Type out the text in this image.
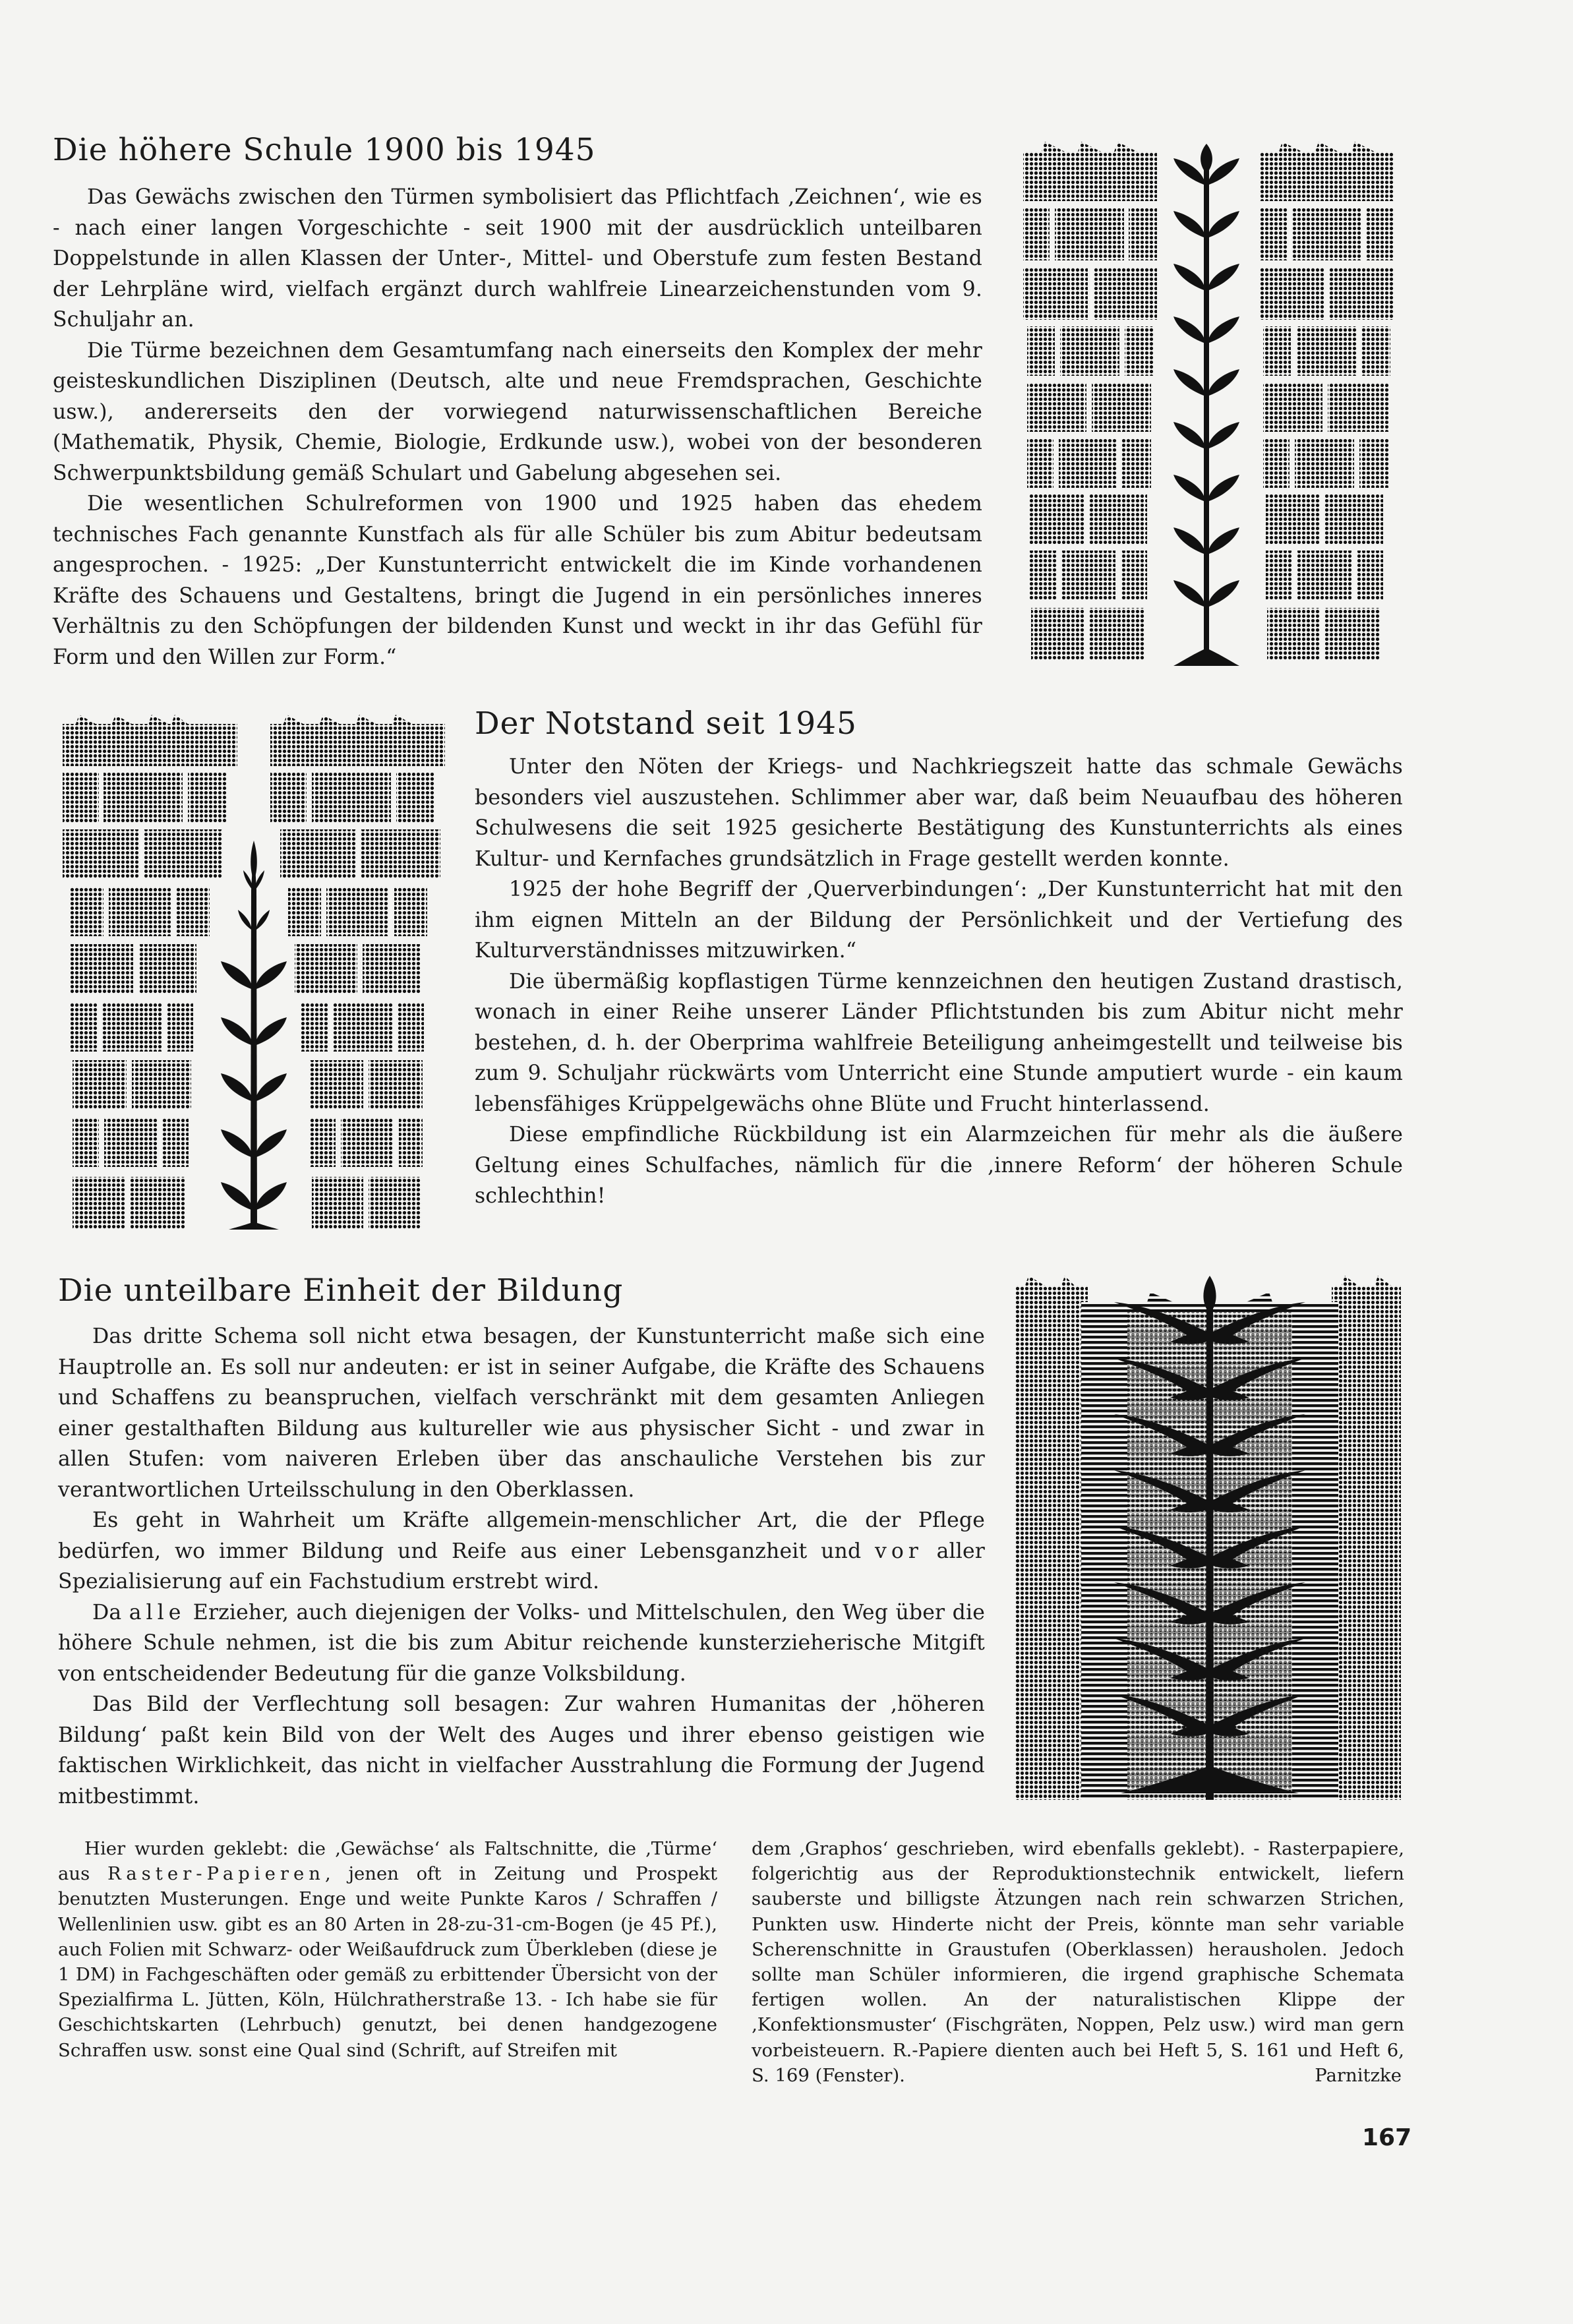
Die höhere Schule 1900 bis 1945

Das Gewächs zwischen den Türmen symbolisiert das Pflichtfach ‚Zeichnen‘, wie es - nach einer langen Vorgeschichte - seit 1900 mit der ausdrücklich unteilbaren Doppelstunde in allen Klassen der Unter-, Mittel- und Oberstufe zum festen Bestand der Lehrpläne wird, vielfach ergänzt durch wahlfreie Linearzeichenstunden vom 9. Schuljahr an.

Die Türme bezeichnen dem Gesamtumfang nach einerseits den Komplex der mehr geisteskundlichen Disziplinen (Deutsch, alte und neue Fremdsprachen, Geschichte usw.), andererseits den der vorwiegend naturwissenschaftlichen Bereiche (Mathematik, Physik, Chemie, Biologie, Erdkunde usw.), wobei von der besonderen Schwerpunktsbildung gemäß Schulart und Gabelung abgesehen sei.

Die wesentlichen Schulreformen von 1900 und 1925 haben das ehedem technisches Fach genannte Kunstfach als für alle Schüler bis zum Abitur bedeutsam angesprochen. - 1925: „Der Kunstunterricht entwickelt die im Kinde vorhandenen Kräfte des Schauens und Gestaltens, bringt die Jugend in ein persönliches inneres Verhältnis zu den Schöpfungen der bildenden Kunst und weckt in ihr das Gefühl für Form und den Willen zur Form.“

Der Notstand seit 1945

Unter den Nöten der Kriegs- und Nachkriegszeit hatte das schmale Gewächs besonders viel auszustehen. Schlimmer aber war, daß beim Neuaufbau des höheren Schulwesens die seit 1925 gesicherte Bestätigung des Kunstunterrichts als eines Kultur- und Kernfaches grundsätzlich in Frage gestellt werden konnte.

1925 der hohe Begriff der ‚Querverbindungen‘: „Der Kunstunterricht hat mit den ihm eignen Mitteln an der Bildung der Persönlichkeit und der Vertiefung des Kulturverständnisses mitzuwirken.“

Die übermäßig kopflastigen Türme kennzeichnen den heutigen Zustand drastisch, wonach in einer Reihe unserer Länder Pflichtstunden bis zum Abitur nicht mehr bestehen, d. h. der Oberprima wahlfreie Beteiligung anheimgestellt und teilweise bis zum 9. Schuljahr rückwärts vom Unterricht eine Stunde amputiert wurde - ein kaum lebensfähiges Krüppelgewächs ohne Blüte und Frucht hinterlassend.

Diese empfindliche Rückbildung ist ein Alarmzeichen für mehr als die äußere Geltung eines Schulfaches, nämlich für die ‚innere Reform‘ der höheren Schule schlechthin!

Die unteilbare Einheit der Bildung

Das dritte Schema soll nicht etwa besagen, der Kunstunterricht maße sich eine Hauptrolle an. Es soll nur andeuten: er ist in seiner Aufgabe, die Kräfte des Schauens und Schaffens zu beanspruchen, vielfach verschränkt mit dem gesamten Anliegen einer gestalthaften Bildung aus kultureller wie aus physischer Sicht - und zwar in allen Stufen: vom naiveren Erleben über das anschauliche Verstehen bis zur verantwortlichen Urteilsschulung in den Oberklassen.

Es geht in Wahrheit um Kräfte allgemein-menschlicher Art, die der Pflege bedürfen, wo immer Bildung und Reife aus einer Lebensganzheit und vor aller Spezialisierung auf ein Fachstudium erstrebt wird.

Da alle Erzieher, auch diejenigen der Volks- und Mittelschulen, den Weg über die höhere Schule nehmen, ist die bis zum Abitur reichende kunsterzieherische Mitgift von entscheidender Bedeutung für die ganze Volksbildung.

Das Bild der Verflechtung soll besagen: Zur wahren Humanitas der ‚höheren Bildung‘ paßt kein Bild von der Welt des Auges und ihrer ebenso geistigen wie faktischen Wirklichkeit, das nicht in vielfacher Ausstrahlung die Formung der Jugend mitbestimmt.

Hier wurden geklebt: die ‚Gewächse‘ als Faltschnitte, die ‚Türme‘ aus Raster-Papieren, jenen oft in Zeitung und Prospekt benutzten Musterungen. Enge und weite Punkte Karos / Schraffen / Wellenlinien usw. gibt es an 80 Arten in 28-zu-31-cm-Bogen (je 45 Pf.), auch Folien mit Schwarz- oder Weißaufdruck zum Überkleben (diese je 1 DM) in Fachgeschäften oder gemäß zu erbittender Übersicht von der Spezialfirma L. Jütten, Köln, Hülchratherstraße 13. - Ich habe sie für Geschichtskarten (Lehrbuch) genutzt, bei denen handgezogene Schraffen usw. sonst eine Qual sind (Schrift, auf Streifen mit

dem ‚Graphos‘ geschrieben, wird ebenfalls geklebt). - Rasterpapiere, folgerichtig aus der Reproduktionstechnik entwickelt, liefern sauberste und billigste Ätzungen nach rein schwarzen Strichen, Punkten usw. Hinderte nicht der Preis, könnte man sehr variable Scherenschnitte in Graustufen (Oberklassen) herausholen. Jedoch sollte man Schüler informieren, die irgend graphische Schemata fertigen wollen. An der naturalistischen Klippe der ‚Konfektionsmuster‘ (Fischgräten, Noppen, Pelz usw.) wird man gern vorbeisteuern. R.-Papiere dienten auch bei Heft 5, S. 161 und Heft 6, S. 169 (Fenster).	Parnitzke

167
